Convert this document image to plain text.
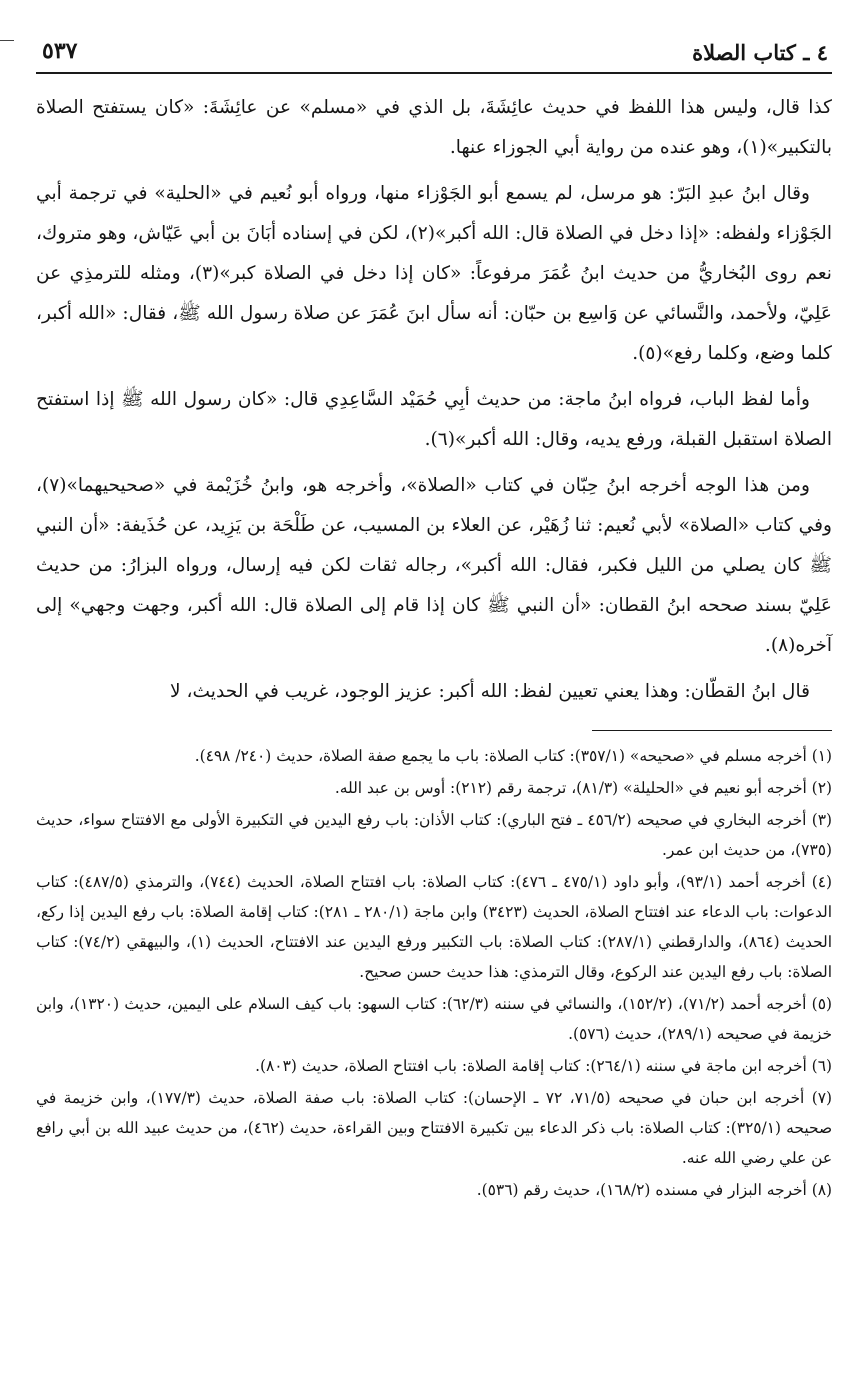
٤ ـ كتاب الصلاة
٥٣٧

كذا قال، وليس هذا اللفظ في حديث عائِشَةَ، بل الذي في «مسلم» عن عائِشَةَ: «كان يستفتح الصلاة بالتكبير»(١)، وهو عنده من رواية أبي الجوزاء عنها.

وقال ابنُ عبدِ البَرّ: هو مرسل، لم يسمع أبو الجَوْزاء منها، ورواه أبو نُعيم في «الحلية» في ترجمة أبي الجَوْزاء ولفظه: «إذا دخل في الصلاة قال: الله أكبر»(٢)، لكن في إسناده أبَانَ بن أبي عَيّاش، وهو متروك، نعم روى البُخاريُّ من حديث ابنُ عُمَرَ مرفوعاً: «كان إذا دخل في الصلاة كبر»(٣)، ومثله للترمذِي عن عَلِيّ، ولأحمد، والنَّسائي عن وَاسِع بن حبّان: أنه سأل ابنَ عُمَرَ عن صلاة رسول الله ﷺ، فقال: «الله أكبر، كلما وضع، وكلما رفع»(٥).

وأما لفظ الباب، فرواه ابنُ ماجة: من حديث أبِي حُمَيْد السَّاعِدِي قال: «كان رسول الله ﷺ إذا استفتح الصلاة استقبل القبلة، ورفع يديه، وقال: الله أكبر»(٦).

ومن هذا الوجه أخرجه ابنُ حِبّان في كتاب «الصلاة»، وأخرجه هو، وابنُ خُزَيْمة في «صحيحيهما»(٧)، وفي كتاب «الصلاة» لأبي نُعيم: ثنا زُهَيْر، عن العلاء بن المسيب، عن طَلْحَة بن يَزِيد، عن حُذَيفة: «أن النبي ﷺ كان يصلي من الليل فكبر، فقال: الله أكبر»، رجاله ثقات لكن فيه إرسال، ورواه البزارُ: من حديث عَلِيّ بسند صححه ابنُ القطان: «أن النبي ﷺ كان إذا قام إلى الصلاة قال: الله أكبر، وجهت وجهي» إلى آخره(٨).

قال ابنُ القطّان: وهذا يعني تعيين لفظ: الله أكبر: عزيز الوجود، غريب في الحديث، لا

(١) أخرجه مسلم في «صحيحه» (٣٥٧/١): كتاب الصلاة: باب ما يجمع صفة الصلاة، حديث (٢٤٠/ ٤٩٨).
(٢) أخرجه أبو نعيم في «الحليلة» (٨١/٣)، ترجمة رقم (٢١٢): أوس بن عبد الله.
(٣) أخرجه البخاري في صحيحه (٤٥٦/٢ ـ فتح الباري): كتاب الأذان: باب رفع اليدين في التكبيرة الأولى مع الافتتاح سواء، حديث (٧٣٥)، من حديث ابن عمر.
(٤) أخرجه أحمد (٩٣/١)، وأبو داود (٤٧٥/١ ـ ٤٧٦): كتاب الصلاة: باب افتتاح الصلاة، الحديث (٧٤٤)، والترمذي (٤٨٧/٥): كتاب الدعوات: باب الدعاء عند افتتاح الصلاة، الحديث (٣٤٢٣) وابن ماجة (٢٨٠/١ ـ ٢٨١): كتاب إقامة الصلاة: باب رفع اليدين إذا ركع، الحديث (٨٦٤)، والدارقطني (٢٨٧/١): كتاب الصلاة: باب التكبير ورفع اليدين عند الافتتاح، الحديث (١)، والبيهقي (٧٤/٢): كتاب الصلاة: باب رفع اليدين عند الركوع، وقال الترمذي: هذا حديث حسن صحيح.
(٥) أخرجه أحمد (٧١/٢)، (١٥٢/٢)، والنسائي في سننه (٦٢/٣): كتاب السهو: باب كيف السلام على اليمين، حديث (١٣٢٠)، وابن خزيمة في صحيحه (٢٨٩/١)، حديث (٥٧٦).
(٦) أخرجه ابن ماجة في سننه (٢٦٤/١): كتاب إقامة الصلاة: باب افتتاح الصلاة، حديث (٨٠٣).
(٧) أخرجه ابن حبان في صحيحه (٧١/٥، ٧٢ ـ الإحسان): كتاب الصلاة: باب صفة الصلاة، حديث (١٧٧/٣)، وابن خزيمة في صحيحه (٣٢٥/١): كتاب الصلاة: باب ذكر الدعاء بين تكبيرة الافتتاح وبين القراءة، حديث (٤٦٢)، من حديث عبيد الله بن أبي رافع عن علي رضي الله عنه.
(٨) أخرجه البزار في مسنده (١٦٨/٢)، حديث رقم (٥٣٦).
